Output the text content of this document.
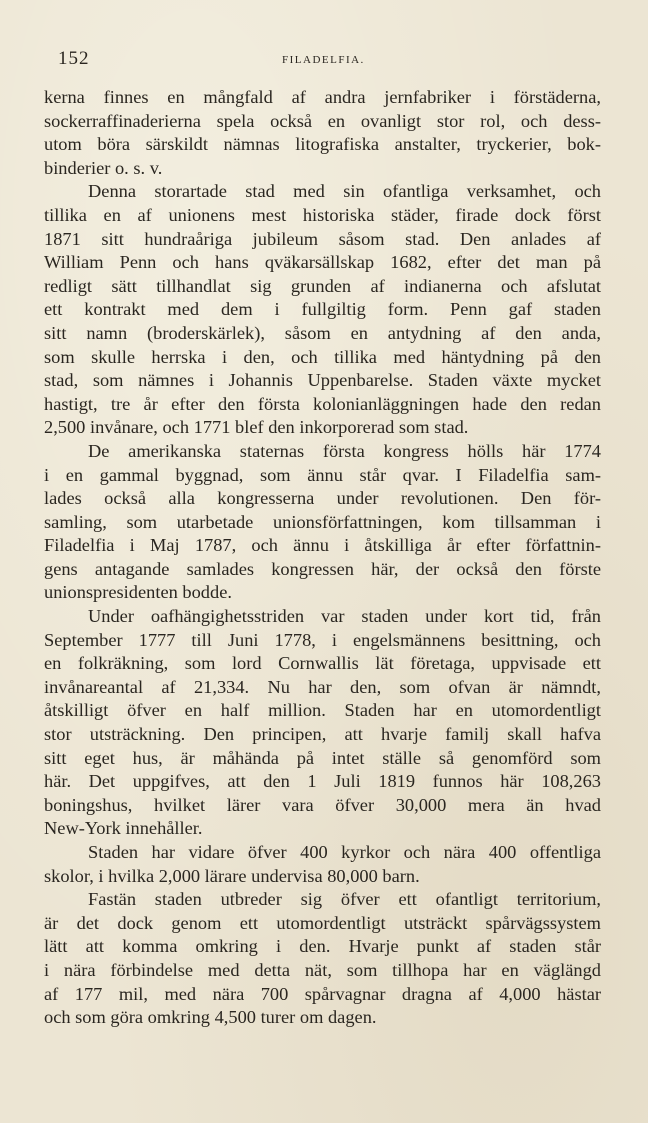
152	FILADELFIA.
kerna finnes en mångfald af andra jernfabriker i förstäderna,
sockerraffinaderierna spela också en ovanligt stor rol, och dess-
utom böra särskildt nämnas litografiska anstalter, tryckerier, bok-
binderier o. s. v.
Denna storartade stad med sin ofantliga verksamhet, och
tillika en af unionens mest historiska städer, firade dock först
1871 sitt hundraåriga jubileum såsom stad. Den anlades af
William Penn och hans qväkarsällskap 1682, efter det man på
redligt sätt tillhandlat sig grunden af indianerna och afslutat
ett kontrakt med dem i fullgiltig form. Penn gaf staden
sitt namn (broderskärlek), såsom en antydning af den anda,
som skulle herrska i den, och tillika med häntydning på den
stad, som nämnes i Johannis Uppenbarelse. Staden växte mycket
hastigt, tre år efter den första kolonianläggningen hade den redan
2,500 invånare, och 1771 blef den inkorporerad som stad.
De amerikanska staternas första kongress hölls här 1774
i en gammal byggnad, som ännu står qvar. I Filadelfia sam-
lades också alla kongresserna under revolutionen. Den för-
samling, som utarbetade unionsförfattningen, kom tillsamman i
Filadelfia i Maj 1787, och ännu i åtskilliga år efter författnin-
gens antagande samlades kongressen här, der också den förste
unionspresidenten bodde.
Under oafhängighetsstriden var staden under kort tid, från
September 1777 till Juni 1778, i engelsmännens besittning, och
en folkräkning, som lord Cornwallis lät företaga, uppvisade ett
invånareantal af 21,334. Nu har den, som ofvan är nämndt,
åtskilligt öfver en half million. Staden har en utomordentligt
stor utsträckning. Den principen, att hvarje familj skall hafva
sitt eget hus, är måhända på intet ställe så genomförd som
här. Det uppgifves, att den 1 Juli 1819 funnos här 108,263
boningshus, hvilket lärer vara öfver 30,000 mera än hvad
New-York innehåller.
Staden har vidare öfver 400 kyrkor och nära 400 offentliga
skolor, i hvilka 2,000 lärare undervisa 80,000 barn.
Fastän staden utbreder sig öfver ett ofantligt territorium,
är det dock genom ett utomordentligt utsträckt spårvägssystem
lätt att komma omkring i den. Hvarje punkt af staden står
i nära förbindelse med detta nät, som tillhopa har en väglängd
af 177 mil, med nära 700 spårvagnar dragna af 4,000 hästar
och som göra omkring 4,500 turer om dagen.
